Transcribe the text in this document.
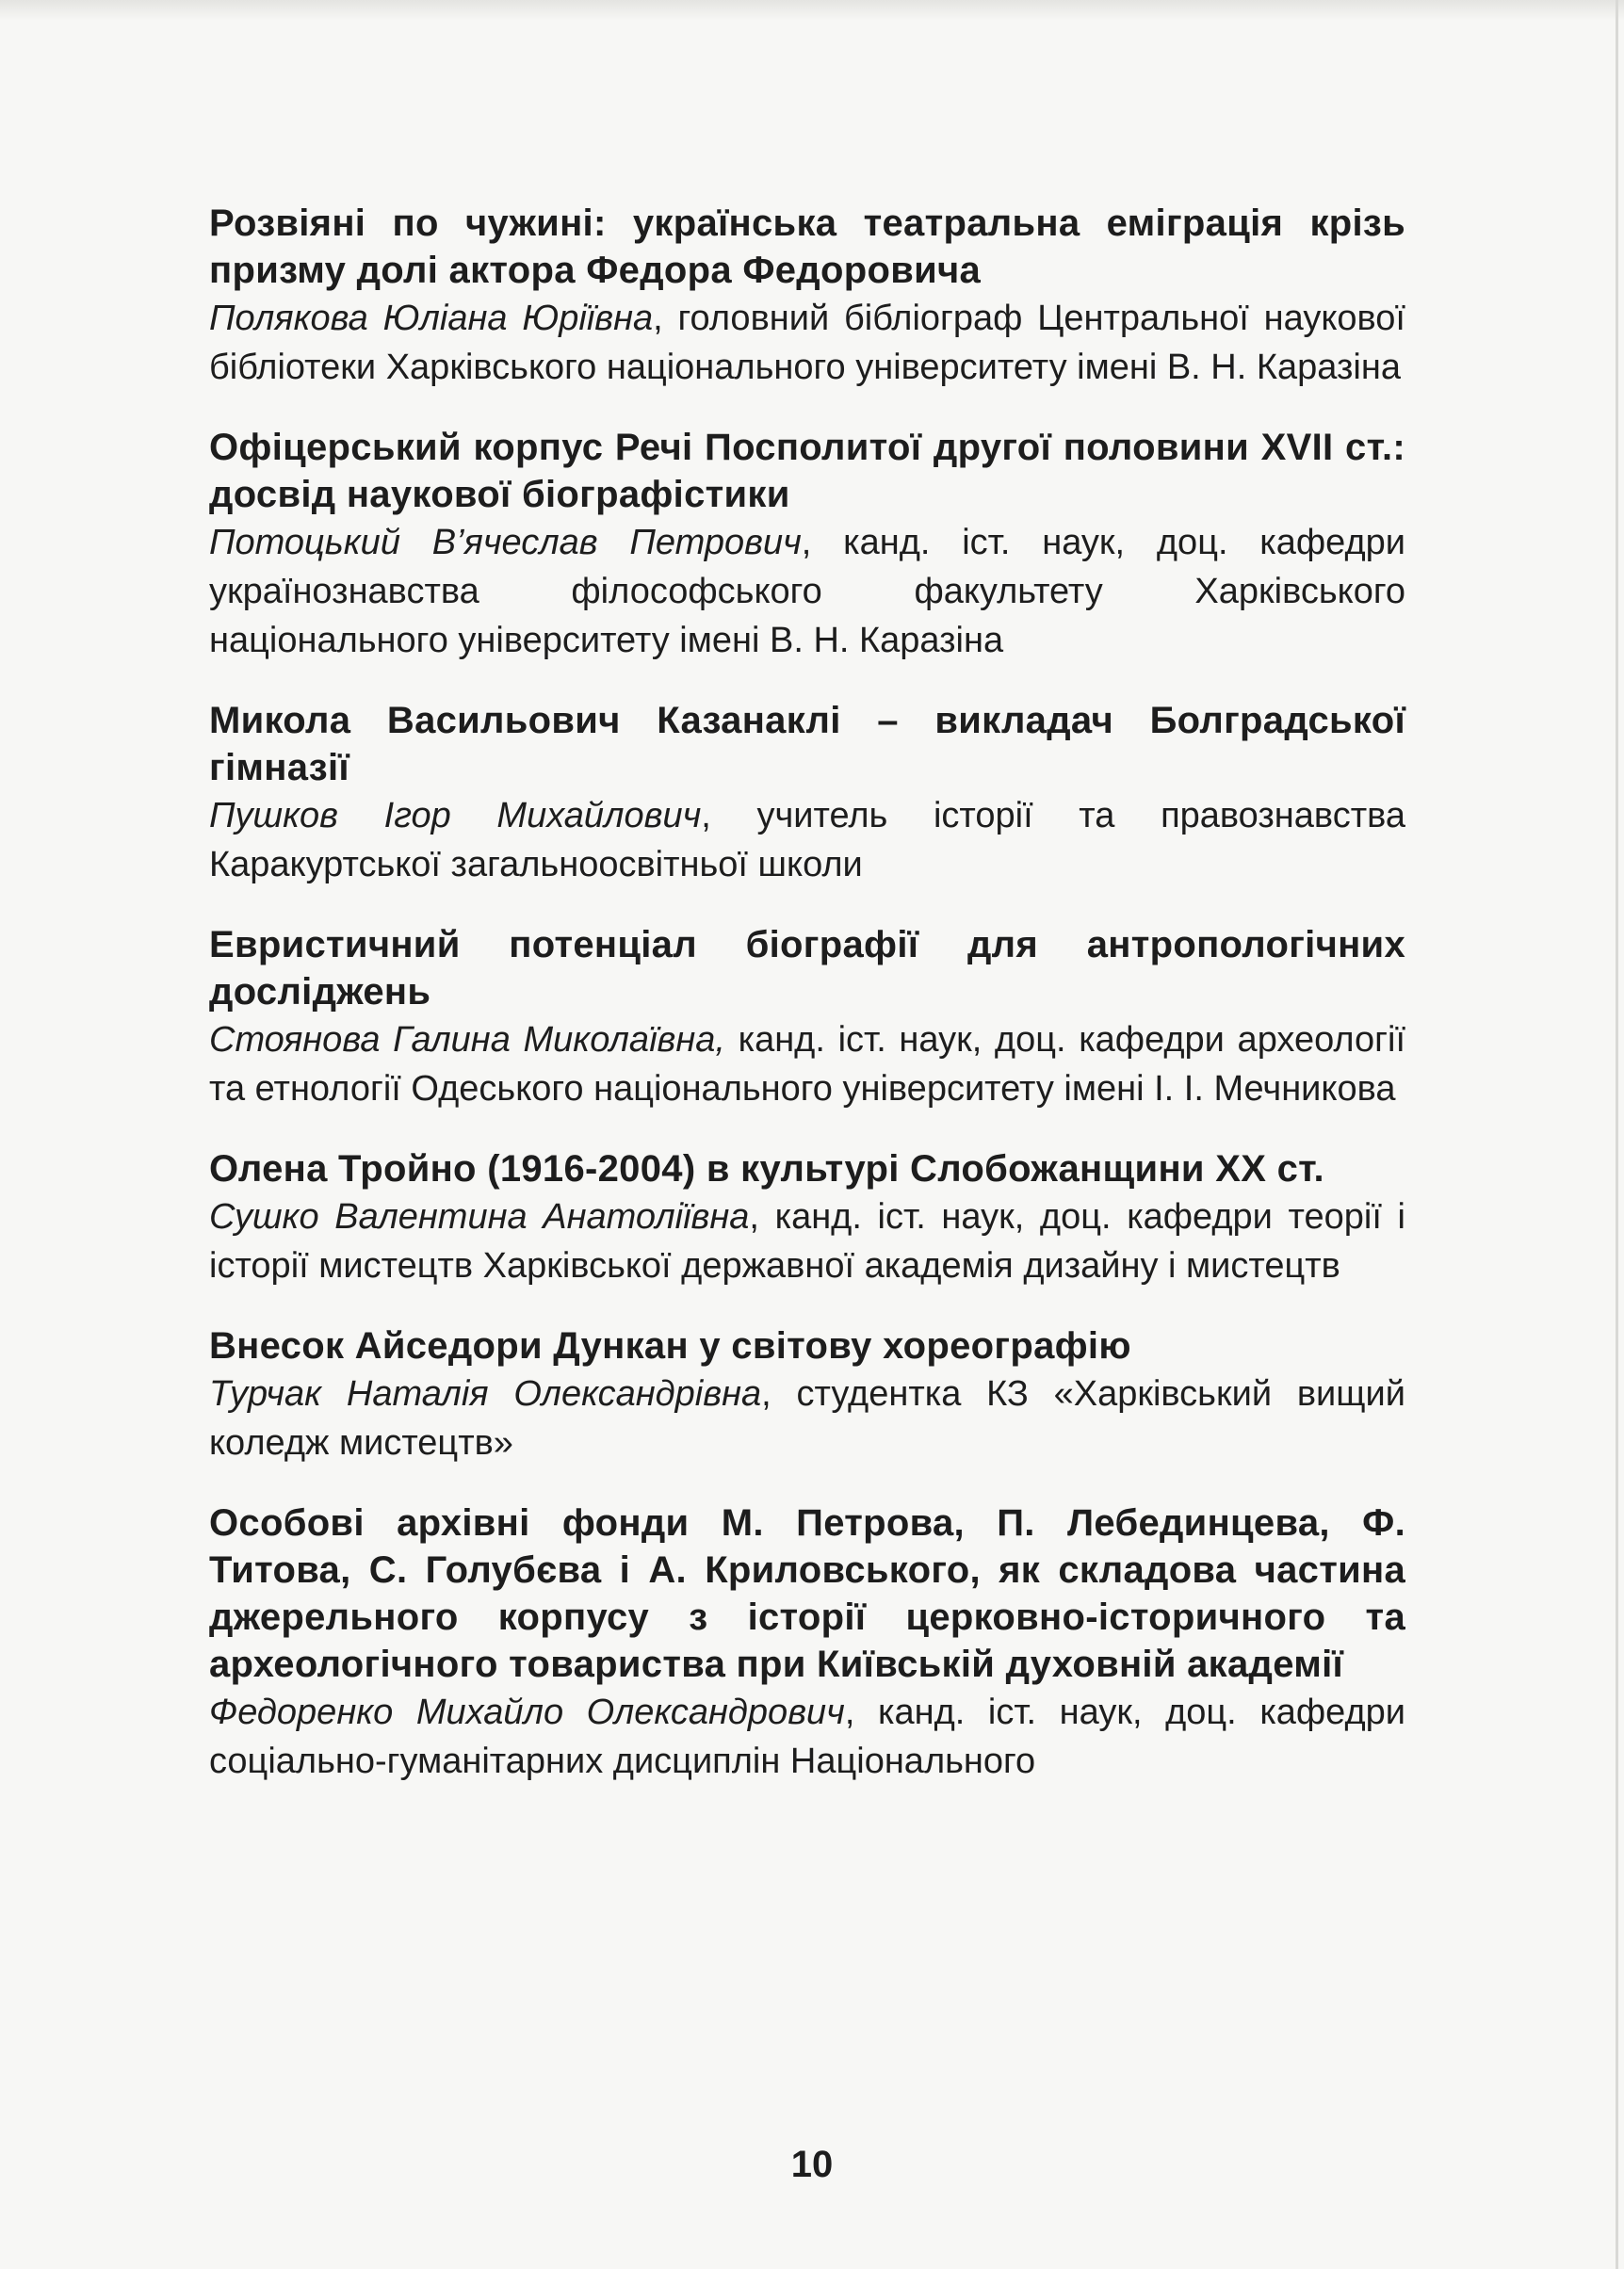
Розвіяні по чужині: українська театральна еміграція крізь призму долі актора Федора Федоровича

Полякова Юліана Юріївна, головний бібліограф Центральної наукової бібліотеки Харківського національного університету імені В. Н. Каразіна

Офіцерський корпус Речі Посполитої другої половини XVII ст.: досвід наукової біографістики

Потоцький В’ячеслав Петрович, канд. іст. наук, доц. кафедри українознавства філософського факультету Харківського національного університету імені В. Н. Каразіна

Микола Васильович Казанаклі – викладач Болградської гімназії

Пушков Ігор Михайлович, учитель історії та правознавства Каракуртської загальноосвітньої школи

Евристичний потенціал біографії для антропологічних досліджень

Стоянова Галина Миколаївна, канд. іст. наук, доц. кафедри археології та етнології Одеського національного університету імені І. І. Мечникова

Олена Тройно (1916-2004) в культурі Слобожанщини XX ст.

Сушко Валентина Анатоліївна, канд. іст. наук, доц. кафедри теорії і історії мистецтв Харківської державної академія дизайну і мистецтв

Внесок Айседори Дункан у світову хореографію

Турчак Наталія Олександрівна, студентка КЗ «Харківський вищий коледж мистецтв»

Особові архівні фонди М. Петрова, П. Лебединцева, Ф. Титова, С. Голубєва і А. Криловського, як складова частина джерельного корпусу з історії церковно-історичного та археологічного товариства при Київській духовній академії

Федоренко Михайло Олександрович, канд. іст. наук, доц. кафедри соціально-гуманітарних дисциплін Національного

10
